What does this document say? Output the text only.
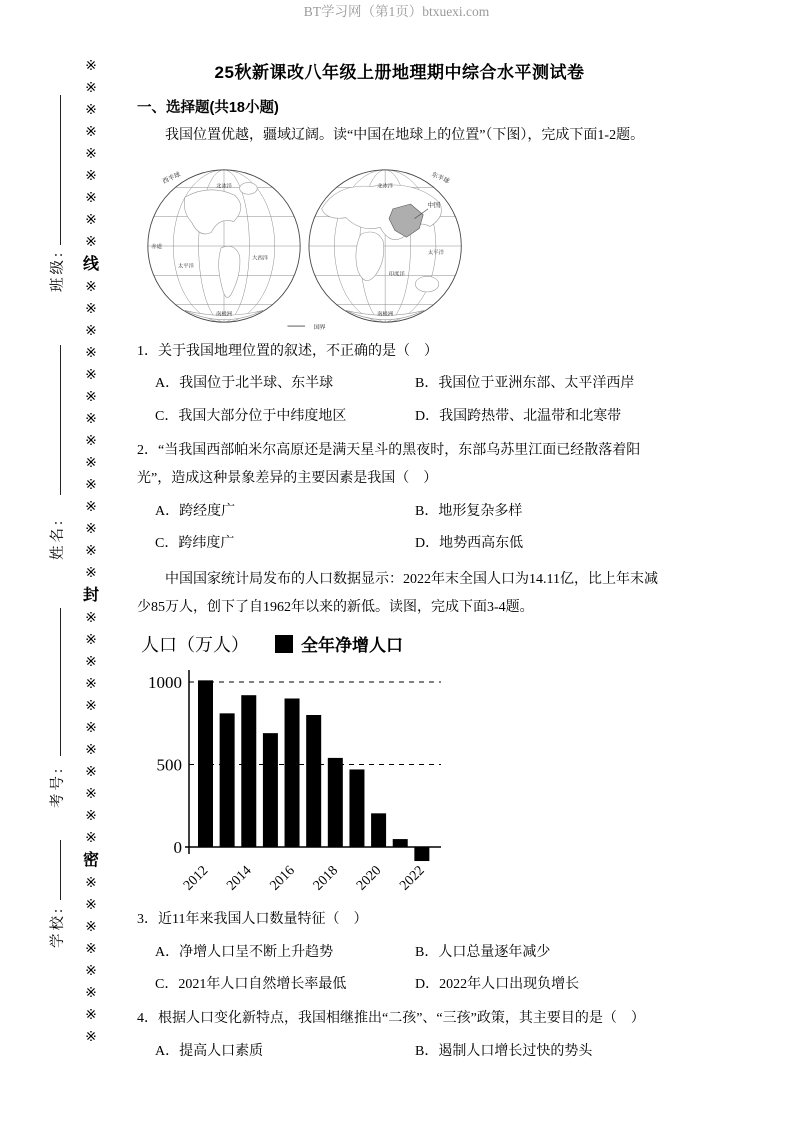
班级:
姓名:
考号:
学校:
※※※※※※※※※线※※※※※※※※※※※※※※封※※※※※※※※※※※密※※※※※※※※
25秋新课改八年级上册地理期中综合水平测试卷
一、选择题(共18小题)

我国位置优越，疆域辽阔。读“中国在地球上的位置”（下图），完成下面1-2题。

国界
西半球	东半球
北冰洋	北冰洋
太平洋
大西洋
太平洋
印度洋
南极洲	南极洲
赤道
中国
1．关于我国地理位置的叙述，不正确的是（　）
A．我国位于北半球、东半球	B．我国位于亚洲东部、太平洋西岸
C．我国大部分位于中纬度地区	D．我国跨热带、北温带和北寒带
2．“当我国西部帕米尔高原还是满天星斗的黑夜时，东部乌苏里江面已经散落着阳光”，造成这种景象差异的主要因素是我国（　）
A．跨经度广	B．地形复杂多样
C．跨纬度广	D．地势西高东低

中国国家统计局发布的人口数据显示：2022年末全国人口为14.11亿，比上年末减少85万人，创下了自1962年以来的新低。读图，完成下面3-4题。

人口（万人）	全年净增人口
0
500
1000
2012 2014 2016 2018 2020 2022
3．近11年来我国人口数量特征（　）
A．净增人口呈不断上升趋势	B．人口总量逐年减少
C．2021年人口自然增长率最低	D．2022年人口出现负增长
4．根据人口变化新特点，我国相继推出“二孩”、“三孩”政策，其主要目的是（　）
A．提高人口素质	B．遏制人口增长过快的势头
BT学习网（第1页）btxuexi.com
